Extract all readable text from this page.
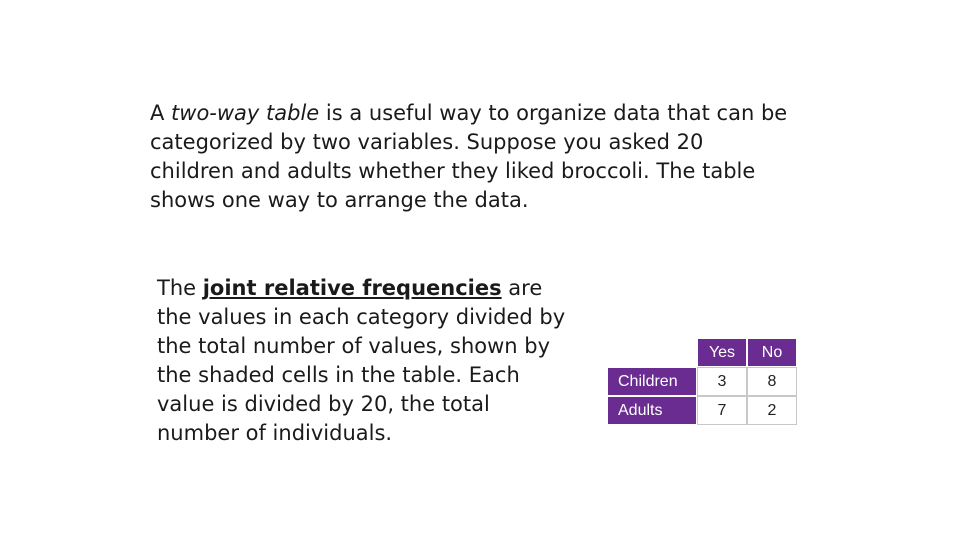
A two-way table is a useful way to organize data that can be categorized by two variables. Suppose you asked 20 children and adults whether they liked broccoli. The table shows one way to arrange the data.

The joint relative frequencies are the values in each category divided by the total number of values, shown by the shaded cells in the table. Each value is divided by 20, the total number of individuals.

	Yes	No
Children	3	8
Adults	7	2
